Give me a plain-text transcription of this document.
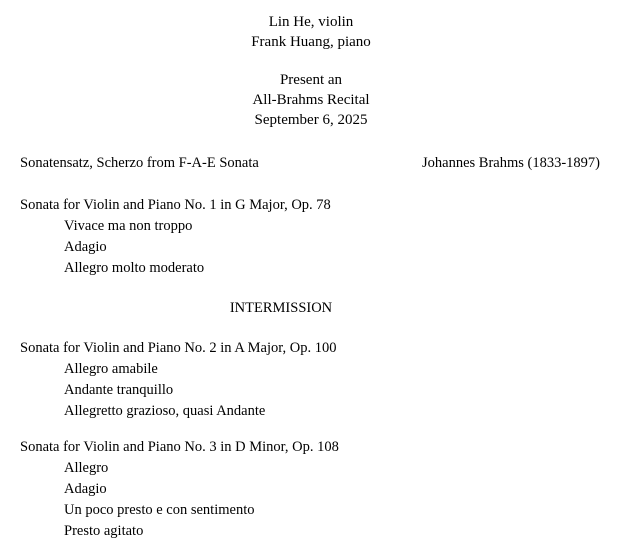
Lin He, violin
Frank Huang, piano
Present an
All-Brahms Recital
September 6, 2025
Sonatensatz, Scherzo from F-A-E Sonata	Johannes Brahms (1833-1897)
Sonata for Violin and Piano No. 1 in G Major, Op. 78
Vivace ma non troppo
Adagio
Allegro molto moderato
INTERMISSION
Sonata for Violin and Piano No. 2 in A Major, Op. 100
Allegro amabile
Andante tranquillo
Allegretto grazioso, quasi Andante
Sonata for Violin and Piano No. 3 in D Minor, Op. 108
Allegro
Adagio
Un poco presto e con sentimento
Presto agitato
